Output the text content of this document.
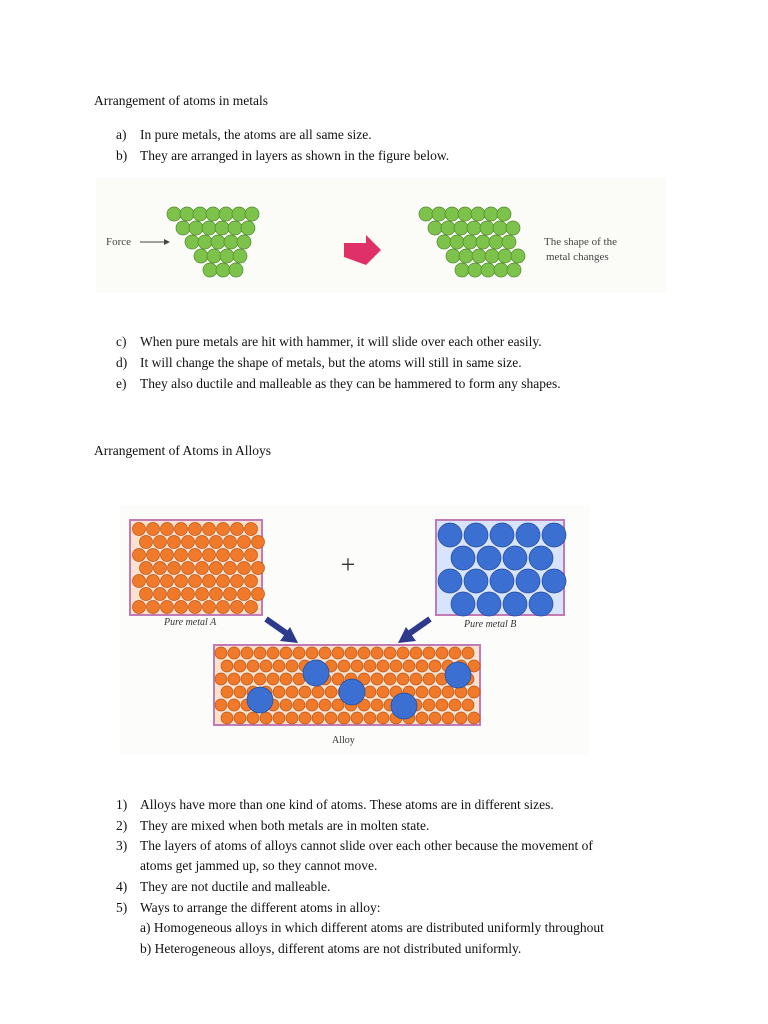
Arrangement of atoms in metals
a) In pure metals, the atoms are all same size.
b) They are arranged in layers as shown in the figure below.
Force	The shape of the
metal changes
c) When pure metals are hit with hammer, it will slide over each other easily.
d) It will change the shape of metals, but the atoms will still in same size.
e) They also ductile and malleable as they can be hammered to form any shapes.
Arrangement of Atoms in Alloys
+
Pure metal A	Pure metal B
Alloy
1) Alloys have more than one kind of atoms. These atoms are in different sizes.
2) They are mixed when both metals are in molten state.
3) The layers of atoms of alloys cannot slide over each other because the movement of
atoms get jammed up, so they cannot move.
4) They are not ductile and malleable.
5) Ways to arrange the different atoms in alloy:
a) Homogeneous alloys in which different atoms are distributed uniformly throughout
b) Heterogeneous alloys, different atoms are not distributed uniformly.
